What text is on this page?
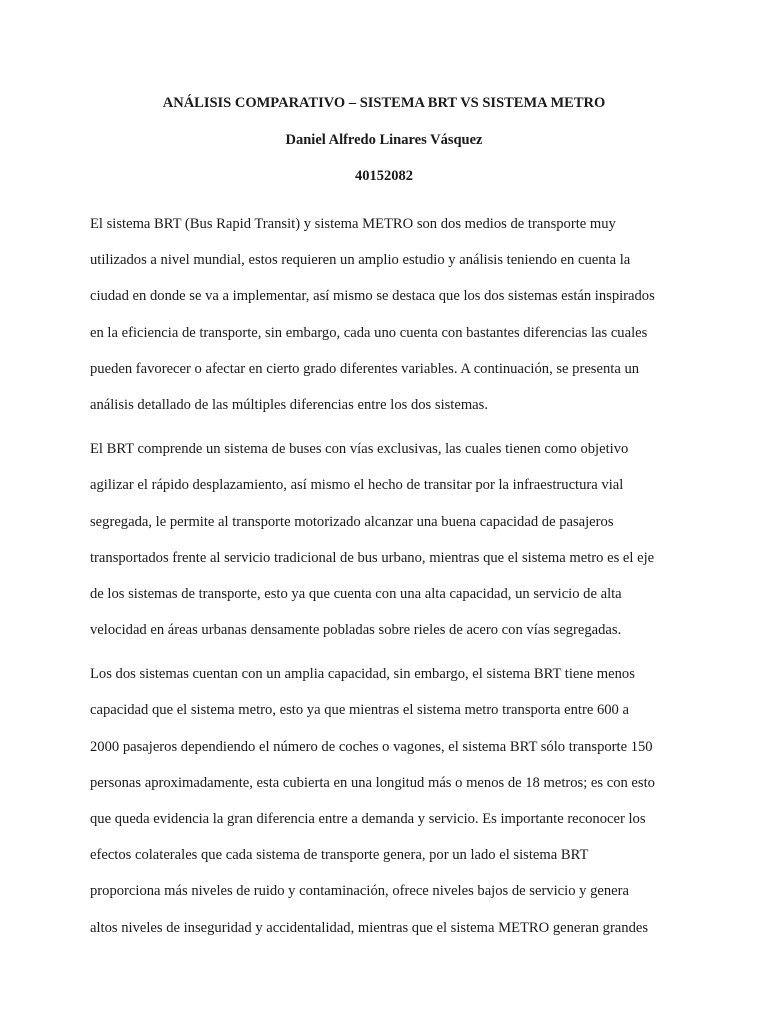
ANÁLISIS COMPARATIVO – SISTEMA BRT VS SISTEMA METRO

Daniel Alfredo Linares Vásquez

40152082

El sistema BRT (Bus Rapid Transit) y sistema METRO son dos medios de transporte muy
utilizados a nivel mundial, estos requieren un amplio estudio y análisis teniendo en cuenta la
ciudad en donde se va a implementar, así mismo se destaca que los dos sistemas están inspirados
en la eficiencia de transporte, sin embargo, cada uno cuenta con bastantes diferencias las cuales
pueden favorecer o afectar en cierto grado diferentes variables. A continuación, se presenta un
análisis detallado de las múltiples diferencias entre los dos sistemas.

El BRT comprende un sistema de buses con vías exclusivas, las cuales tienen como objetivo
agilizar el rápido desplazamiento, así mismo el hecho de transitar por la infraestructura vial
segregada, le permite al transporte motorizado alcanzar una buena capacidad de pasajeros
transportados frente al servicio tradicional de bus urbano, mientras que el sistema metro es el eje
de los sistemas de transporte, esto ya que cuenta con una alta capacidad, un servicio de alta
velocidad en áreas urbanas densamente pobladas sobre rieles de acero con vías segregadas.

Los dos sistemas cuentan con un amplia capacidad, sin embargo, el sistema BRT tiene menos
capacidad que el sistema metro, esto ya que mientras el sistema metro transporta entre 600 a
2000 pasajeros dependiendo el número de coches o vagones, el sistema BRT sólo transporte 150
personas aproximadamente, esta cubierta en una longitud más o menos de 18 metros; es con esto
que queda evidencia la gran diferencia entre a demanda y servicio. Es importante reconocer los
efectos colaterales que cada sistema de transporte genera, por un lado el sistema BRT
proporciona más niveles de ruido y contaminación, ofrece niveles bajos de servicio y genera
altos niveles de inseguridad y accidentalidad, mientras que el sistema METRO generan grandes
